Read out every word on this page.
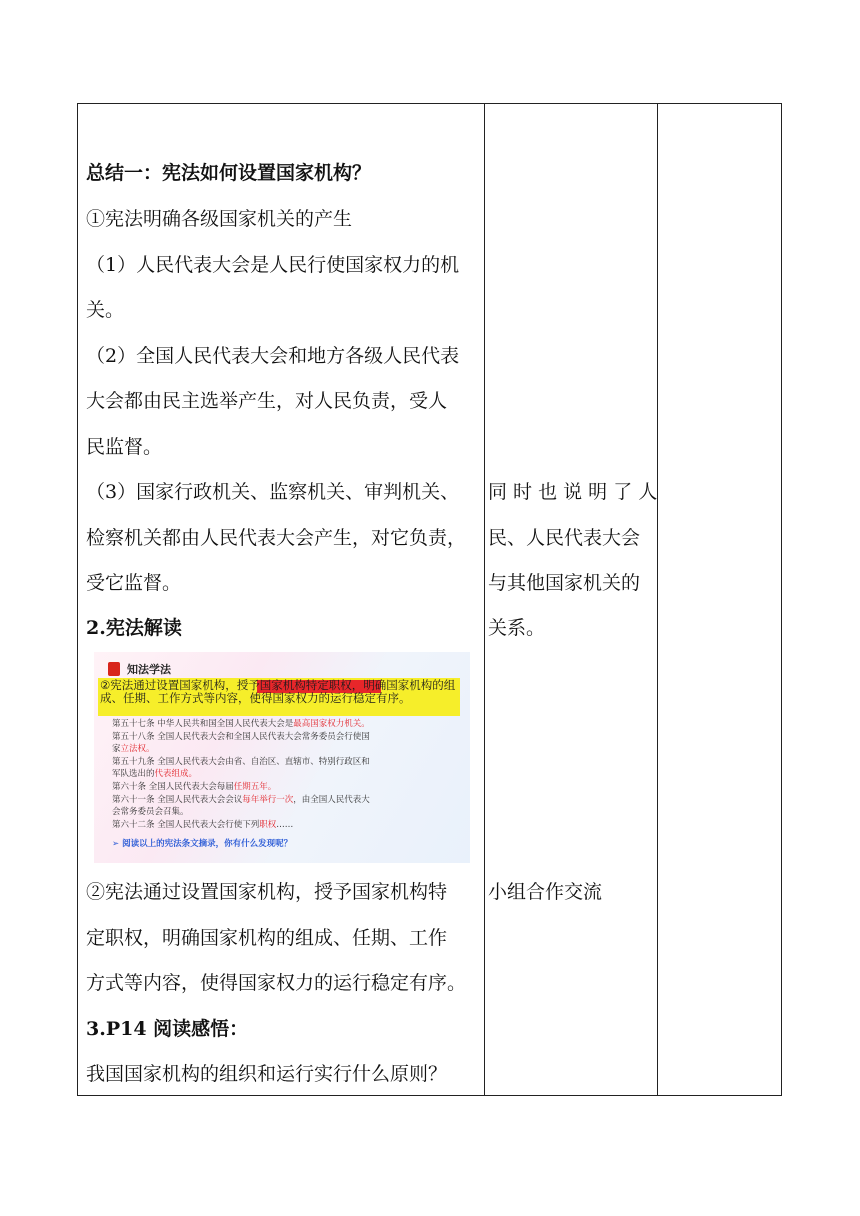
总结一：宪法如何设置国家机构？
①宪法明确各级国家机关的产生
（1）人民代表大会是人民行使国家权力的机
关。
（2）全国人民代表大会和地方各级人民代表
大会都由民主选举产生，对人民负责，受人
民监督。
（3）国家行政机关、监察机关、审判机关、
检察机关都由人民代表大会产生，对它负责，
受它监督。
2.宪法解读
知法学法
②宪法通过设置国家机构，授予国家机构特定职权，明确国家机构的组成、任期、工作方式等内容，使得国家权力的运行稳定有序。
第五十七条 中华人民共和国全国人民代表大会是最高国家权力机关。
第五十八条 全国人民代表大会和全国人民代表大会常务委员会行使国
家立法权。
第五十九条 全国人民代表大会由省、自治区、直辖市、特别行政区和
军队选出的代表组成。
第六十条 全国人民代表大会每届任期五年。
第六十一条 全国人民代表大会会议每年举行一次，由全国人民代表大
会常务委员会召集。
第六十二条 全国人民代表大会行使下列职权……
➢ 阅读以上的宪法条文摘录，你有什么发现呢？
②宪法通过设置国家机构，授予国家机构特
定职权，明确国家机构的组成、任期、工作
方式等内容，使得国家权力的运行稳定有序。
3.P14 阅读感悟：
我国国家机构的组织和运行实行什么原则？
同 时 也 说 明 了 人
民、人民代表大会
与其他国家机关的
关系。
小组合作交流
